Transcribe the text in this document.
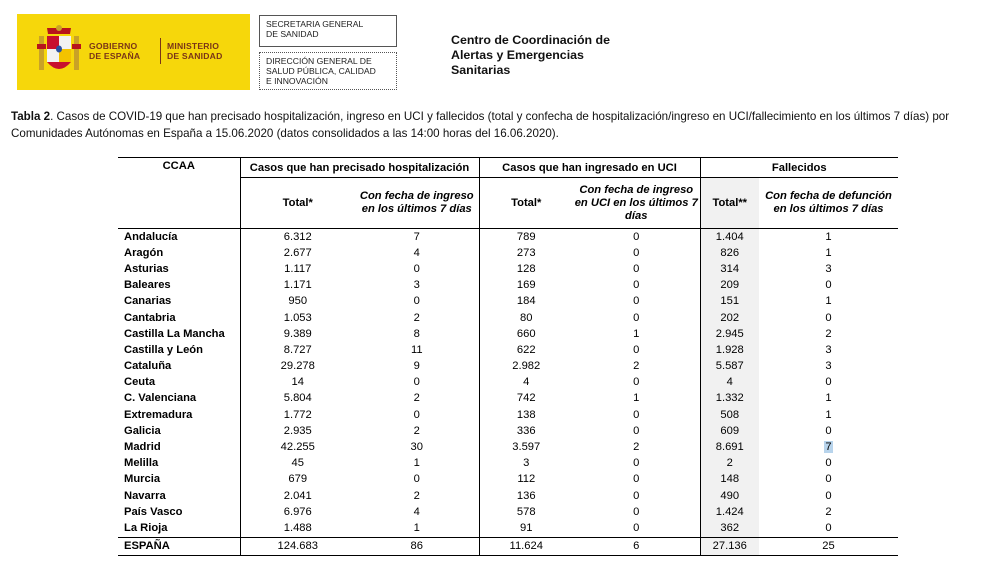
GOBIERNO
DE ESPAÑA
MINISTERIO
DE SANIDAD
SECRETARIA GENERAL
DE SANIDAD
DIRECCIÓN GENERAL DE
SALUD PÚBLICA, CALIDAD
E INNOVACIÓN
Centro de Coordinación de
Alertas y Emergencias
Sanitarias
Tabla 2. Casos de COVID-19 que han precisado hospitalización, ingreso en UCI y fallecidos (total y confecha de hospitalización/ingreso en UCI/fallecimiento en los últimos 7 días) por Comunidades Autónomas en España a 15.06.2020 (datos consolidados a las 14:00 horas del 16.06.2020).
	Casos que han precisado hospitalización		Casos que han ingresado en UCI		Fallecidos	
CCAA	Total*	Con fecha de ingreso en los últimos 7 días	Total*	Con fecha de ingreso en UCI en los últimos 7 días	Total**	Con fecha de defunción en los últimos 7 días
Andalucía	6.312	7	789	0	1.404	1
Aragón	2.677	4	273	0	826	1
Asturias	1.117	0	128	0	314	3
Baleares	1.171	3	169	0	209	0
Canarias	950	0	184	0	151	1
Cantabria	1.053	2	80	0	202	0
Castilla La Mancha	9.389	8	660	1	2.945	2
Castilla y León	8.727	11	622	0	1.928	3
Cataluña	29.278	9	2.982	2	5.587	3
Ceuta	14	0	4	0	4	0
C. Valenciana	5.804	2	742	1	1.332	1
Extremadura	1.772	0	138	0	508	1
Galicia	2.935	2	336	0	609	0
Madrid	42.255	30	3.597	2	8.691	7
Melilla	45	1	3	0	2	0
Murcia	679	0	112	0	148	0
Navarra	2.041	2	136	0	490	0
País Vasco	6.976	4	578	0	1.424	2
La Rioja	1.488	1	91	0	362	0
ESPAÑA	124.683	86	11.624	6	27.136	25
